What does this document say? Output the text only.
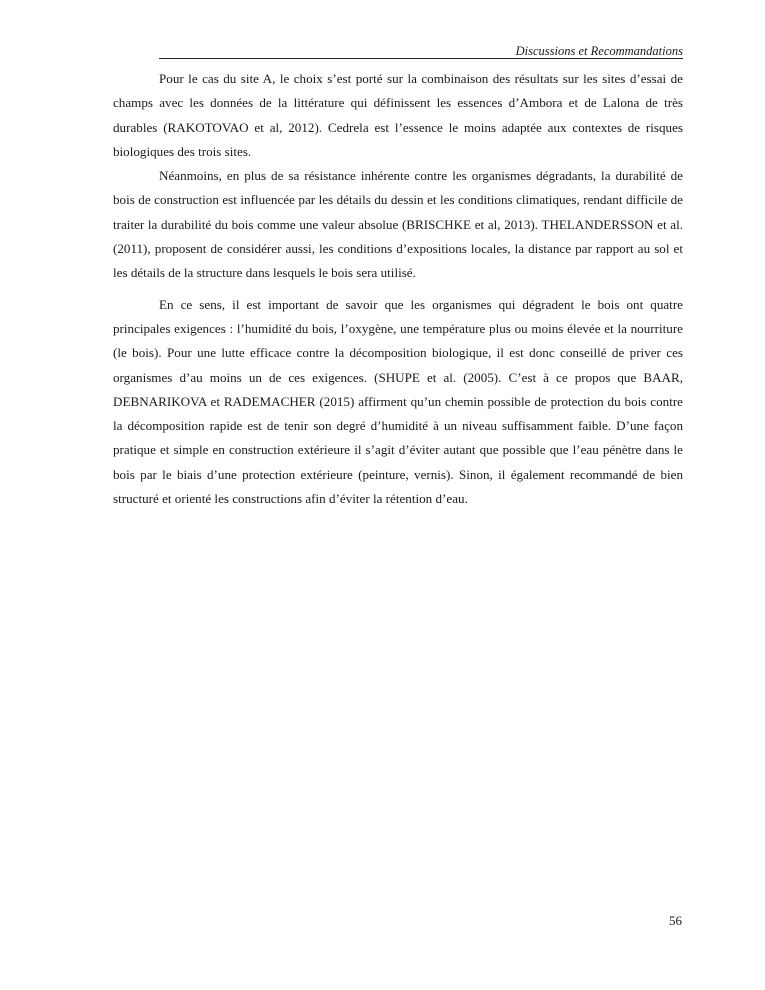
Discussions et Recommandations

Pour le cas du site A, le choix s’est porté sur la combinaison des résultats sur les sites d’essai de champs avec les données de la littérature qui définissent les essences d’Ambora et de Lalona de très durables (RAKOTOVAO et al, 2012). Cedrela est l’essence le moins adaptée aux contextes de risques biologiques des trois sites.

Néanmoins, en plus de sa résistance inhérente contre les organismes dégradants, la durabilité de bois de construction est influencée par les détails du dessin et les conditions climatiques, rendant difficile de traiter la durabilité du bois comme une valeur absolue (BRISCHKE et al, 2013). THELANDERSSON et al. (2011), proposent de considérer aussi, les conditions d’expositions locales, la distance par rapport au sol et les détails de la structure dans lesquels le bois sera utilisé.

En ce sens, il est important de savoir que les organismes qui dégradent le bois ont quatre principales exigences : l’humidité du bois, l’oxygène, une température plus ou moins élevée et la nourriture (le bois). Pour une lutte efficace contre la décomposition biologique, il est donc conseillé de priver ces organismes d’au moins un de ces exigences. (SHUPE et al. (2005). C’est à ce propos que BAAR, DEBNARIKOVA et RADEMACHER (2015) affirment qu’un chemin possible de protection du bois contre la décomposition rapide est de tenir son degré d’humidité à un niveau suffisamment faible. D’une façon pratique et simple en construction extérieure il s’agit d’éviter autant que possible que l’eau pénètre dans le bois par le biais d’une protection extérieure (peinture, vernis). Sinon, il également recommandé de bien structuré et orienté les constructions afin d’éviter la rétention d’eau.

56
